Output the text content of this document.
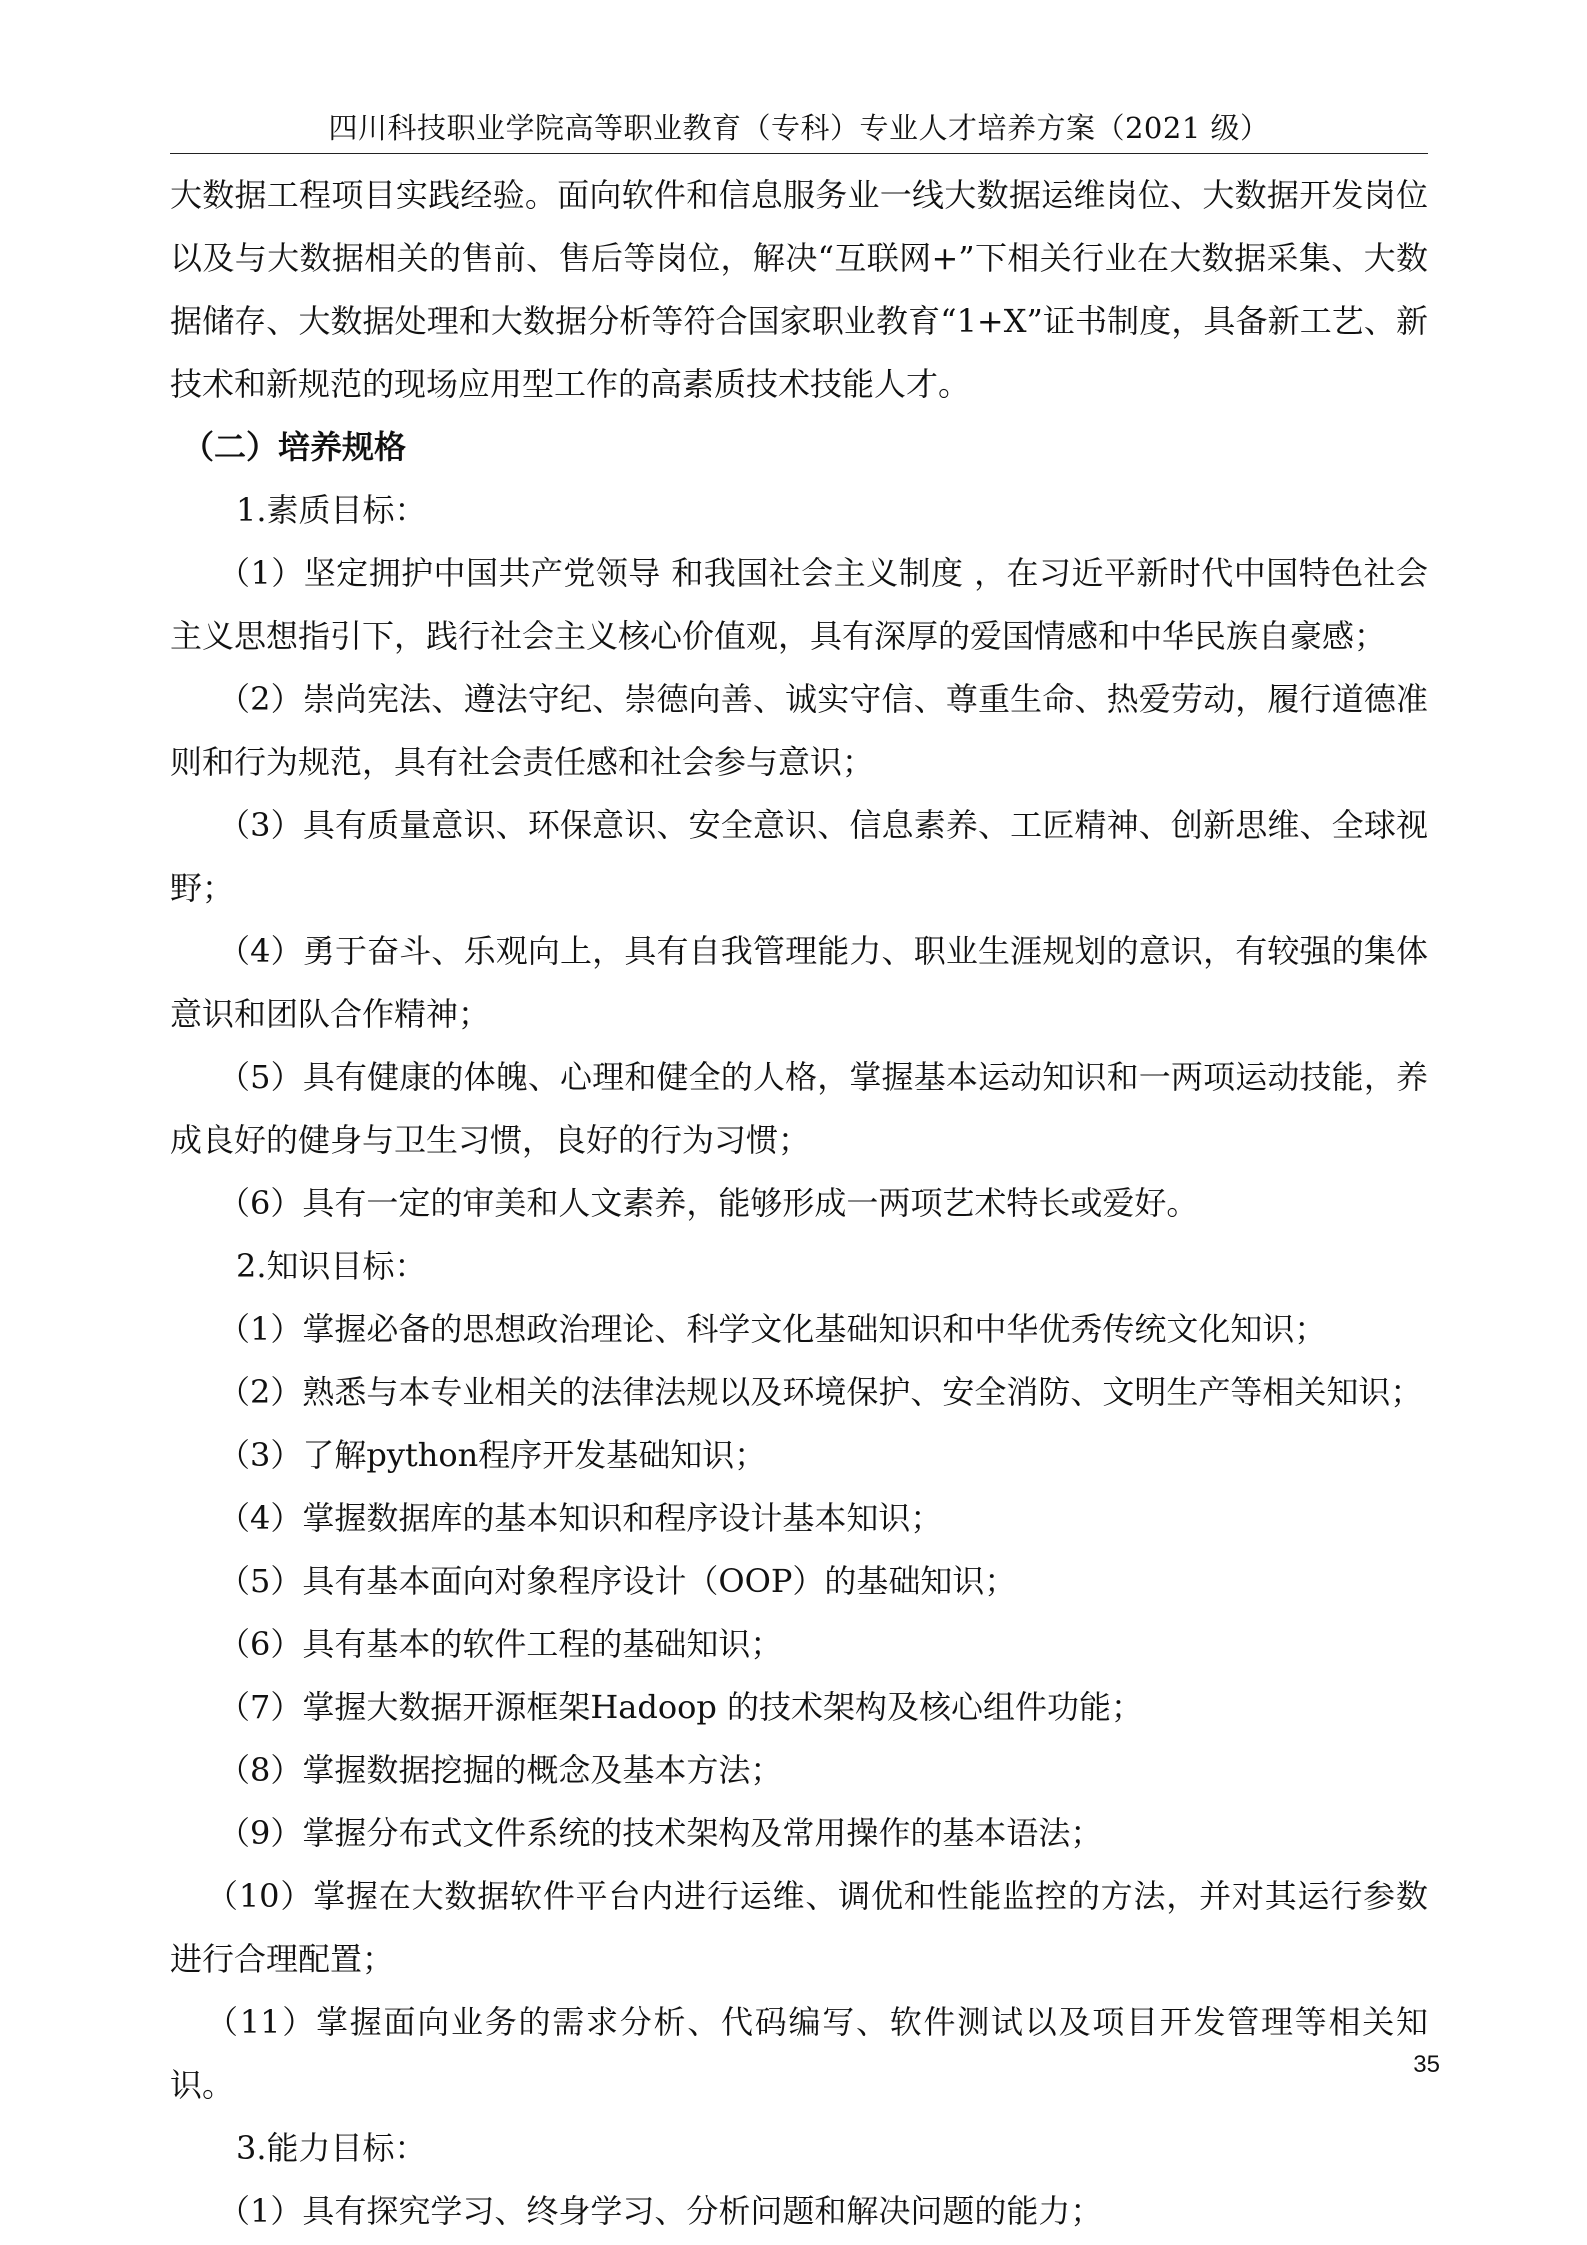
四川科技职业学院高等职业教育（专科）专业人才培养方案（2021 级）

大数据工程项目实践经验。面向软件和信息服务业一线大数据运维岗位、大数据开发岗位以及与大数据相关的售前、售后等岗位，解决“互联网+”下相关行业在大数据采集、大数据储存、大数据处理和大数据分析等符合国家职业教育“1+X”证书制度，具备新工艺、新技术和新规范的现场应用型工作的高素质技术技能人才。

（二）培养规格

1.素质目标：

（1）坚定拥护中国共产党领导 和我国社会主义制度 ，在习近平新时代中国特色社会主义思想指引下，践行社会主义核心价值观，具有深厚的爱国情感和中华民族自豪感；

（2）崇尚宪法、遵法守纪、崇德向善、诚实守信、尊重生命、热爱劳动，履行道德准则和行为规范，具有社会责任感和社会参与意识；

（3）具有质量意识、环保意识、安全意识、信息素养、工匠精神、创新思维、全球视野；

（4）勇于奋斗、乐观向上，具有自我管理能力、职业生涯规划的意识，有较强的集体意识和团队合作精神；

（5）具有健康的体魄、心理和健全的人格，掌握基本运动知识和一两项运动技能，养成良好的健身与卫生习惯，良好的行为习惯；

（6）具有一定的审美和人文素养，能够形成一两项艺术特长或爱好。

2.知识目标：

（1）掌握必备的思想政治理论、科学文化基础知识和中华优秀传统文化知识；

（2）熟悉与本专业相关的法律法规以及环境保护、安全消防、文明生产等相关知识；

（3）了解python程序开发基础知识；

（4）掌握数据库的基本知识和程序设计基本知识；

（5）具有基本面向对象程序设计（OOP）的基础知识；

（6）具有基本的软件工程的基础知识；

（7）掌握大数据开源框架Hadoop 的技术架构及核心组件功能；

（8）掌握数据挖掘的概念及基本方法；

（9）掌握分布式文件系统的技术架构及常用操作的基本语法；

（10）掌握在大数据软件平台内进行运维、调优和性能监控的方法，并对其运行参数进行合理配置；

（11）掌握面向业务的需求分析、代码编写、软件测试以及项目开发管理等相关知识。

3.能力目标：

（1）具有探究学习、终身学习、分析问题和解决问题的能力；

35
